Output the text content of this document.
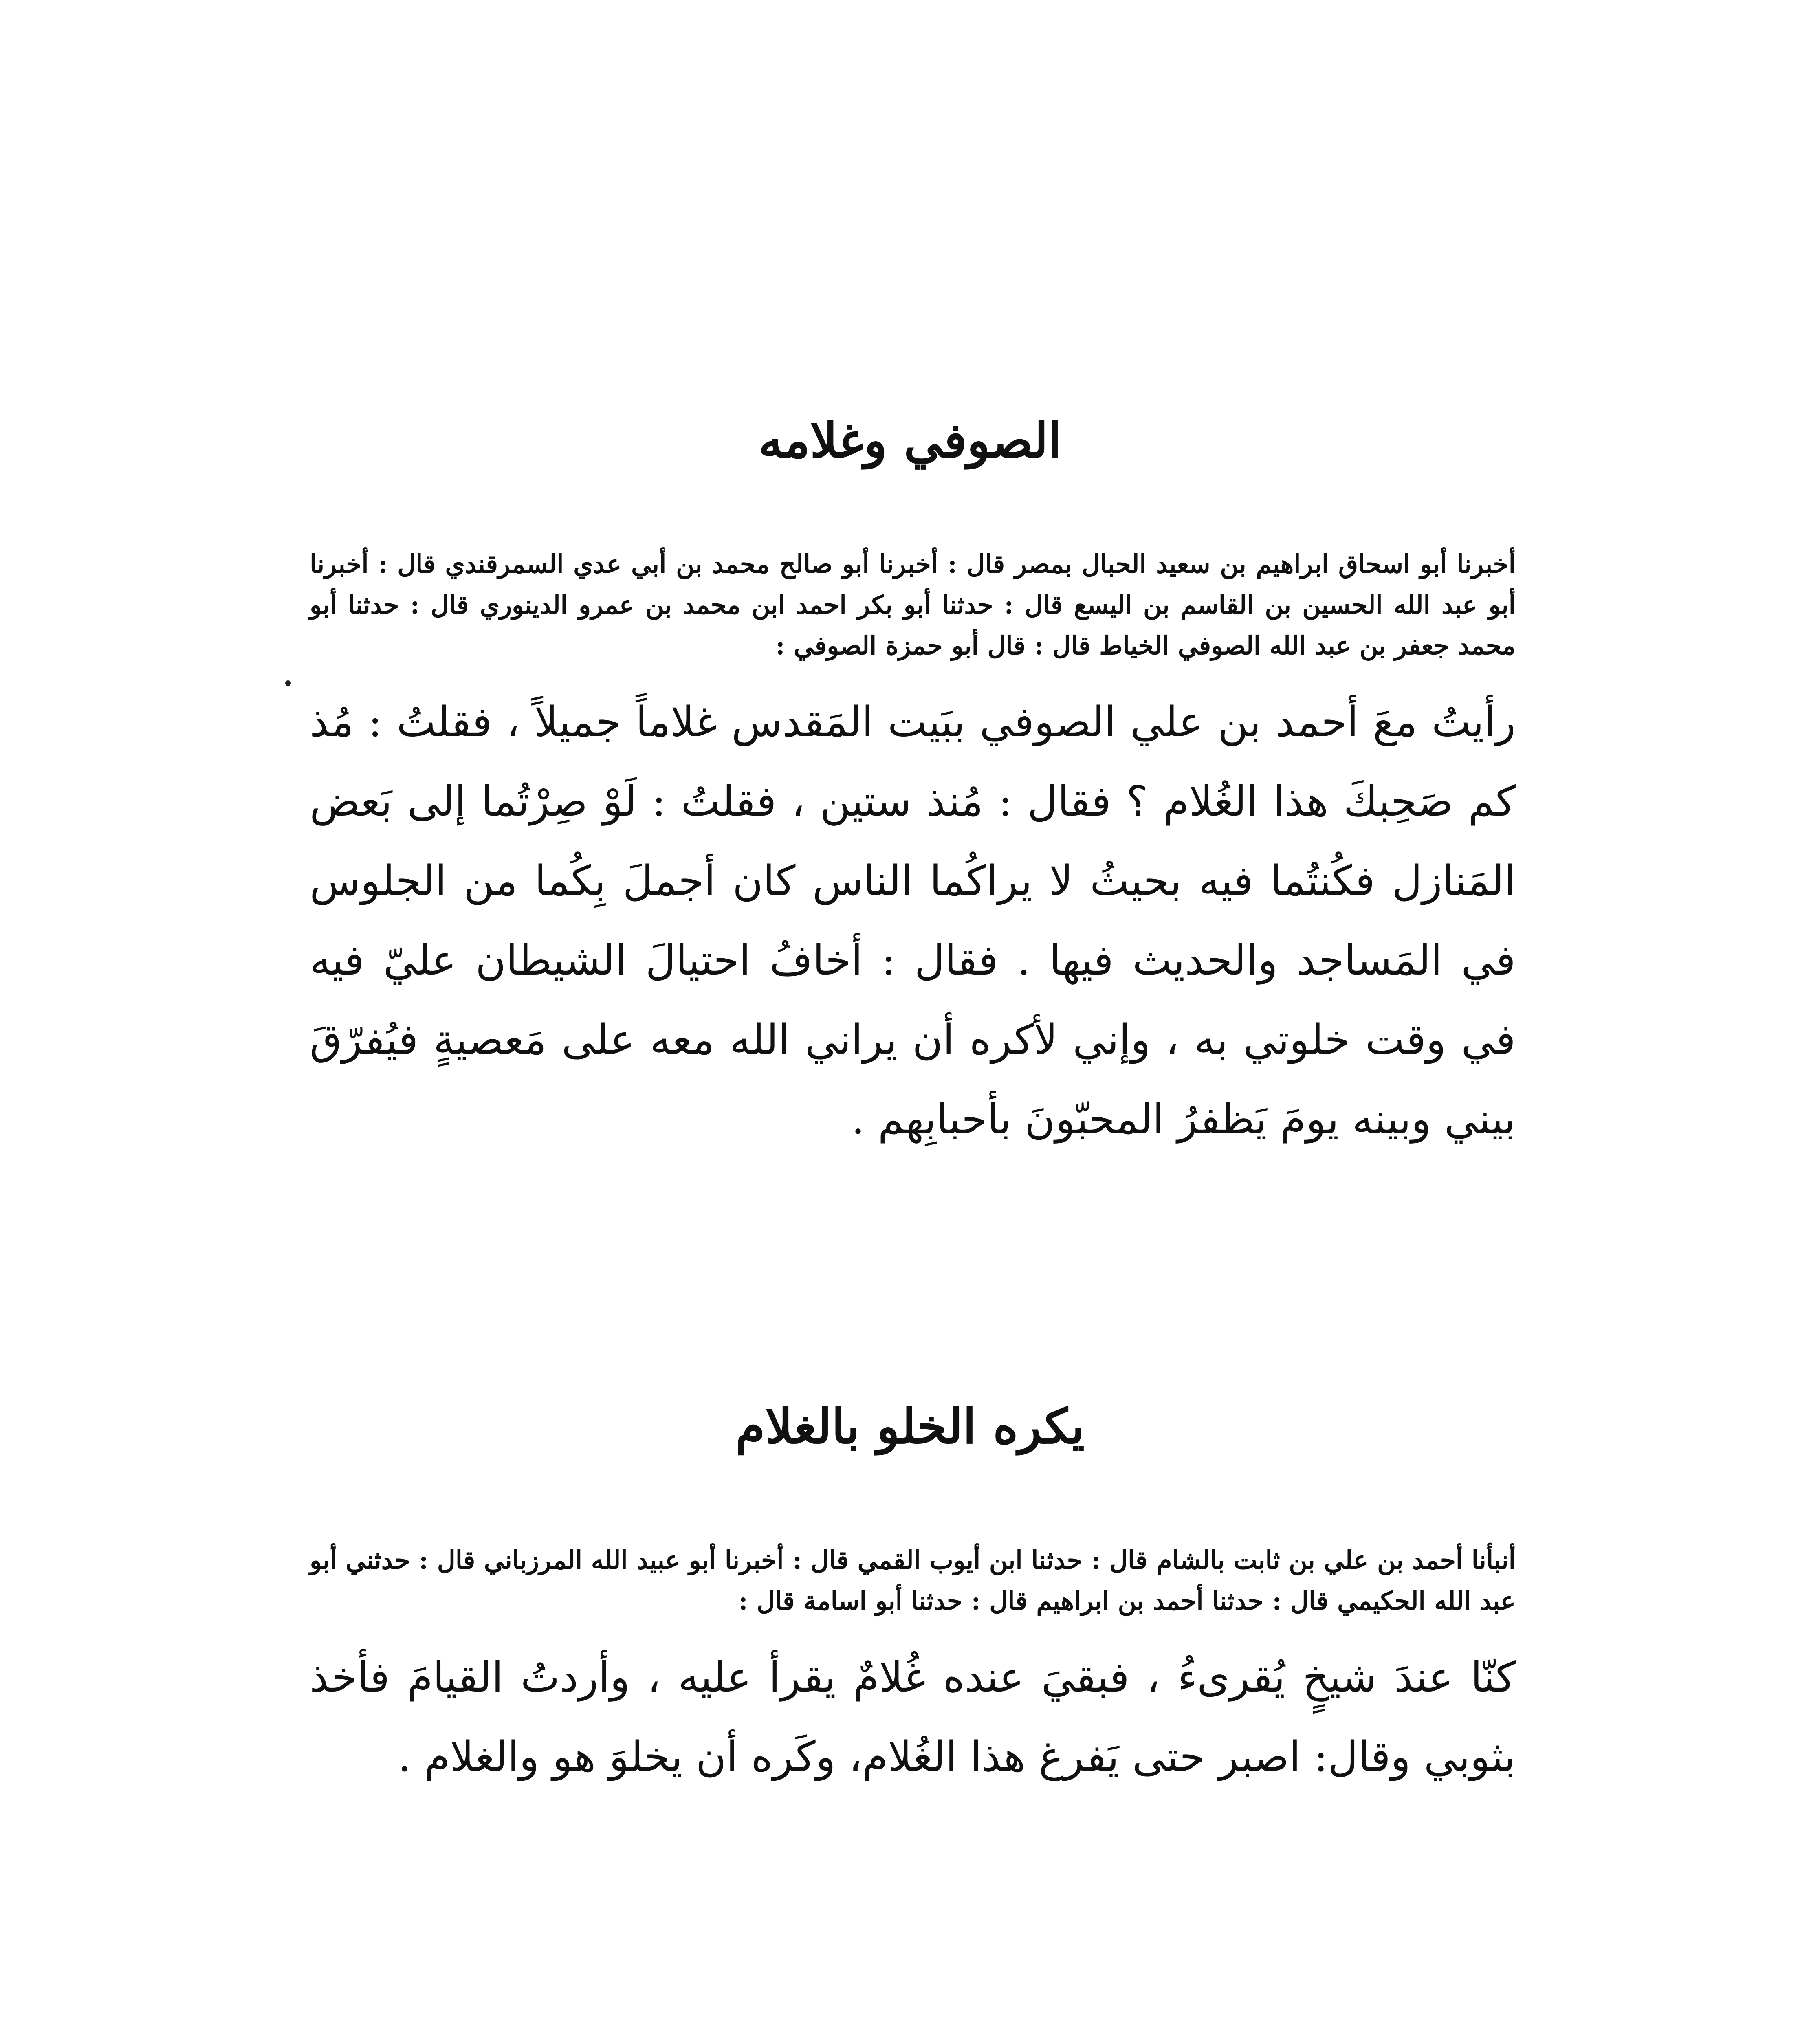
الصوفي وغلامه
أخبرنا أبو اسحاق ابراهيم بن سعيد الحبال بمصر قال : أخبرنا أبو صالح محمد بن أبي عدي السمرقندي قال : أخبرنا أبو عبد الله الحسين بن القاسم بن اليسع قال : حدثنا أبو بكر احمد ابن محمد بن عمرو الدينوري قال : حدثنا أبو محمد جعفر بن عبد الله الصوفي الخياط قال : قال أبو حمزة الصوفي :
رأيتُ معَ أحمد بن علي الصوفي ببَيت المَقدس غلاماً جميلاً ، فقلتُ : مُذ كم صَحِبكَ هذا الغُلام ؟ فقال : مُنذ ستين ، فقلتُ : لَوْ صِرْتُما إلى بَعض المَنازل فكُنتُما فيه بحيثُ لا يراكُما الناس كان أجملَ بِكُما من الجلوس في المَساجد والحديث فيها . فقال : أخافُ احتيالَ الشيطان عليّ فيه في وقت خلوتي به ، وإني لأكره أن يراني الله معه على مَعصيةٍ فيُفرّقَ بيني وبينه يومَ يَظفرُ المحبّونَ بأحبابِهم .
يكره الخلو بالغلام
أنبأنا أحمد بن علي بن ثابت بالشام قال : حدثنا ابن أيوب القمي قال : أخبرنا أبو عبيد الله المرزباني قال : حدثني أبو عبد الله الحكيمي قال : حدثنا أحمد بن ابراهيم قال : حدثنا أبو اسامة قال :
كنّا عندَ شيخٍ يُقرىءُ ، فبقيَ عنده غُلامٌ يقرأ عليه ، وأردتُ القيامَ فأخذ بثوبي وقال: اصبر حتى يَفرغ هذا الغُلام، وكَره أن يخلوَ هو والغلام .
